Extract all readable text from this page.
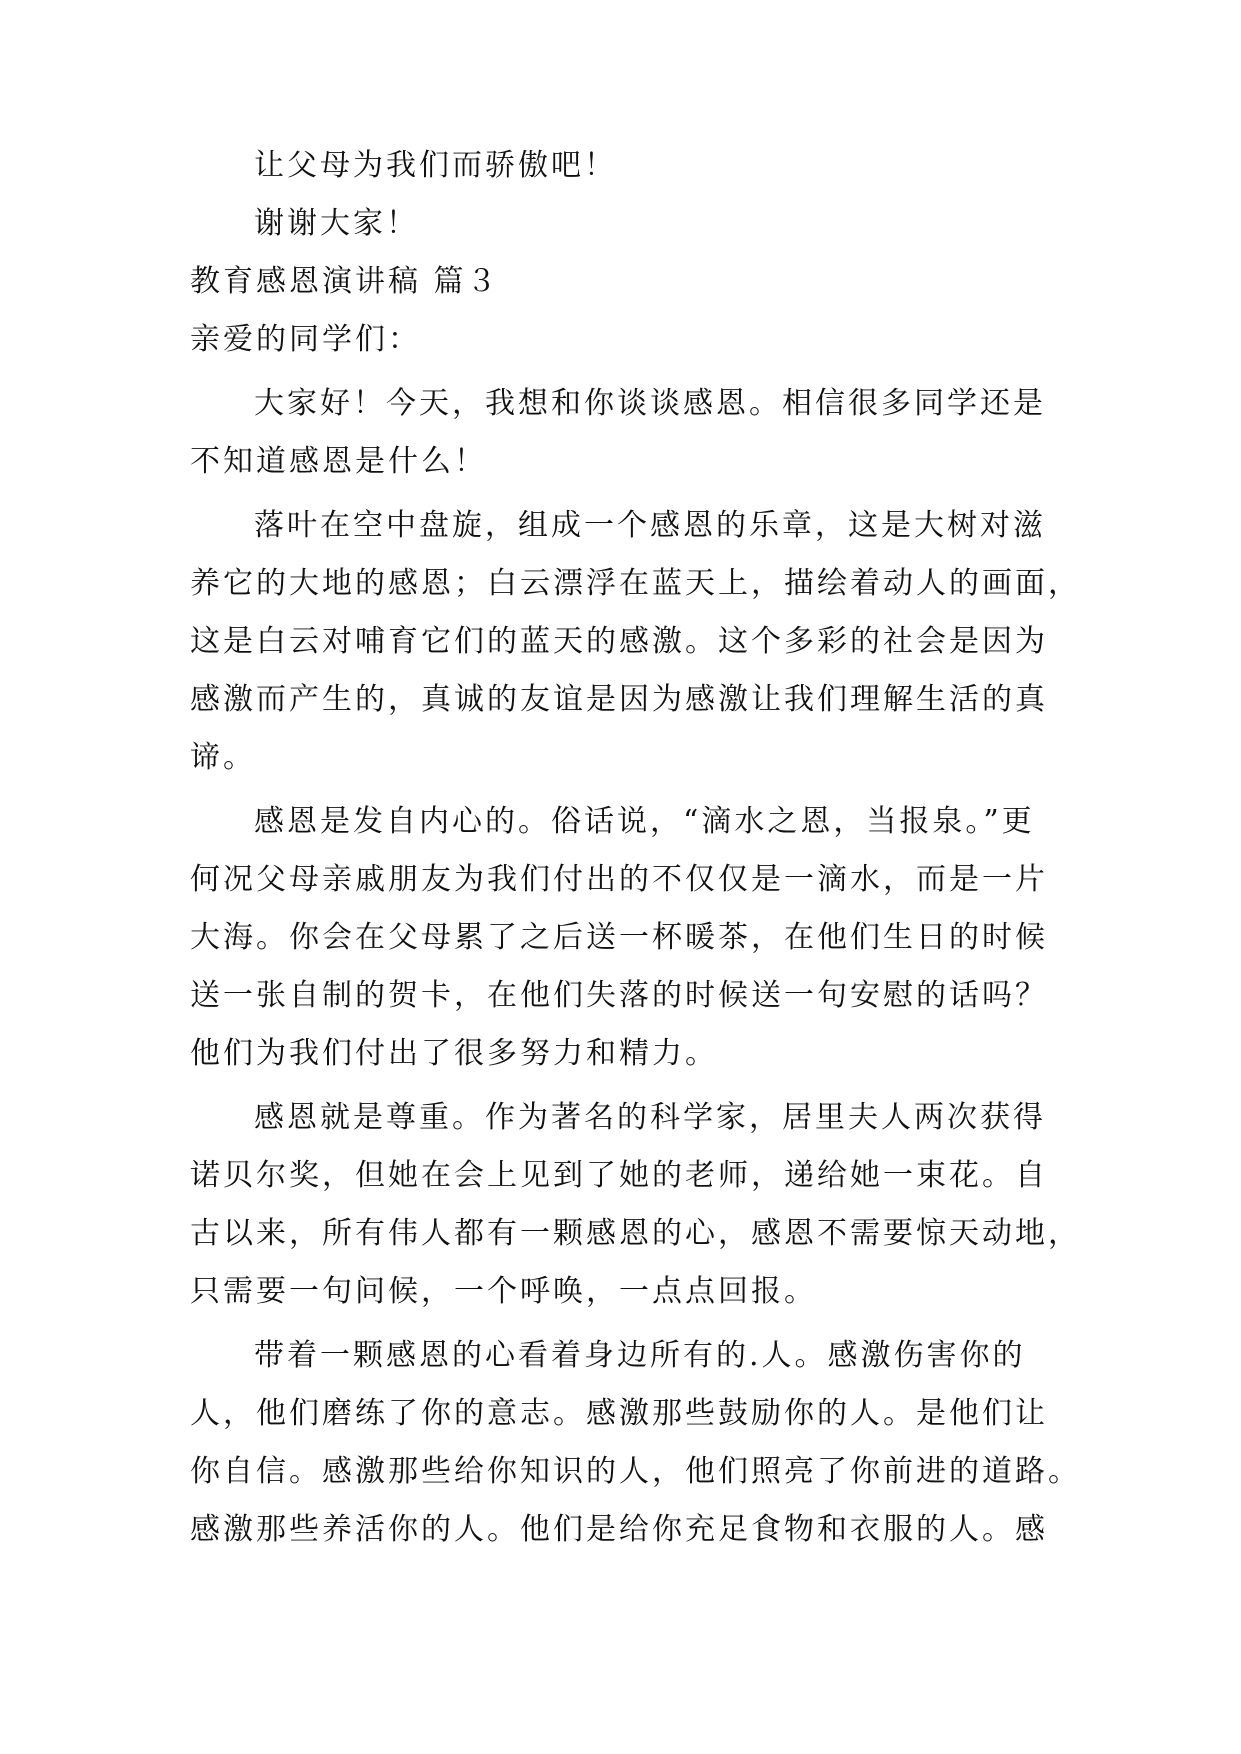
让父母为我们而骄傲吧！
谢谢大家！
教育感恩演讲稿 篇３
亲爱的同学们：
大家好！今天，我想和你谈谈感恩。相信很多同学还是
不知道感恩是什么！
落叶在空中盘旋，组成一个感恩的乐章，这是大树对滋
养它的大地的感恩；白云漂浮在蓝天上，描绘着动人的画面，
这是白云对哺育它们的蓝天的感激。这个多彩的社会是因为
感激而产生的，真诚的友谊是因为感激让我们理解生活的真
谛。
感恩是发自内心的。俗话说，“滴水之恩，当报泉。”更
何况父母亲戚朋友为我们付出的不仅仅是一滴水，而是一片
大海。你会在父母累了之后送一杯暖茶，在他们生日的时候
送一张自制的贺卡，在他们失落的时候送一句安慰的话吗？
他们为我们付出了很多努力和精力。
感恩就是尊重。作为著名的科学家，居里夫人两次获得
诺贝尔奖，但她在会上见到了她的老师，递给她一束花。自
古以来，所有伟人都有一颗感恩的心，感恩不需要惊天动地，
只需要一句问候，一个呼唤，一点点回报。
带着一颗感恩的心看着身边所有的.人。感激伤害你的
人，他们磨练了你的意志。感激那些鼓励你的人。是他们让
你自信。感激那些给你知识的人，他们照亮了你前进的道路。
感激那些养活你的人。他们是给你充足食物和衣服的人。感
